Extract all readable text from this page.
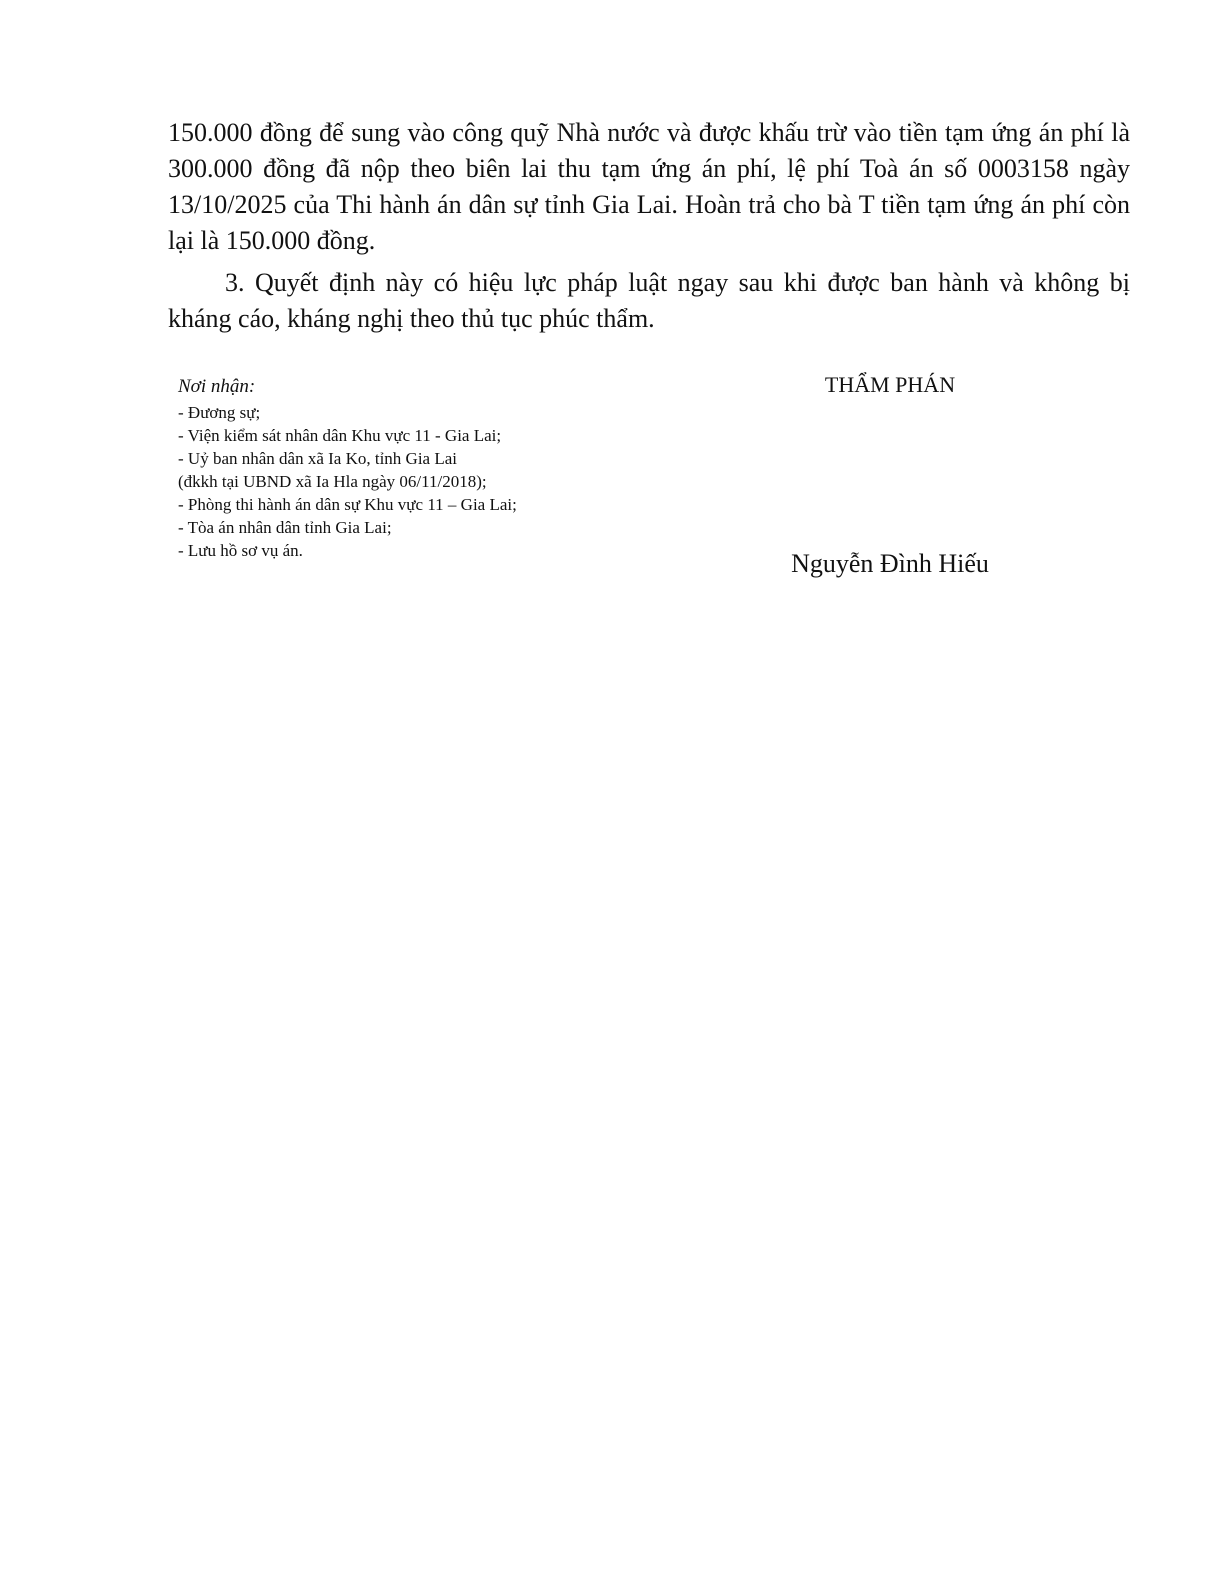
150.000 đồng để sung vào công quỹ Nhà nước và được khấu trừ vào tiền tạm ứng án phí là 300.000 đồng đã nộp theo biên lai thu tạm ứng án phí, lệ phí Toà án số 0003158 ngày 13/10/2025 của Thi hành án dân sự tỉnh Gia Lai. Hoàn trả cho bà T tiền tạm ứng án phí còn lại là 150.000 đồng.

3. Quyết định này có hiệu lực pháp luật ngay sau khi được ban hành và không bị kháng cáo, kháng nghị theo thủ tục phúc thẩm.

Nơi nhận:

- Đương sự;
- Viện kiểm sát nhân dân Khu vực 11 - Gia Lai;
- Uỷ ban nhân dân xã Ia Ko, tỉnh Gia Lai
(đkkh tại UBND xã Ia Hla ngày 06/11/2018);
- Phòng thi hành án dân sự Khu vực 11 – Gia Lai;
- Tòa án nhân dân tỉnh Gia Lai;
- Lưu hồ sơ vụ án.

THẨM PHÁN

Nguyễn Đình Hiếu
